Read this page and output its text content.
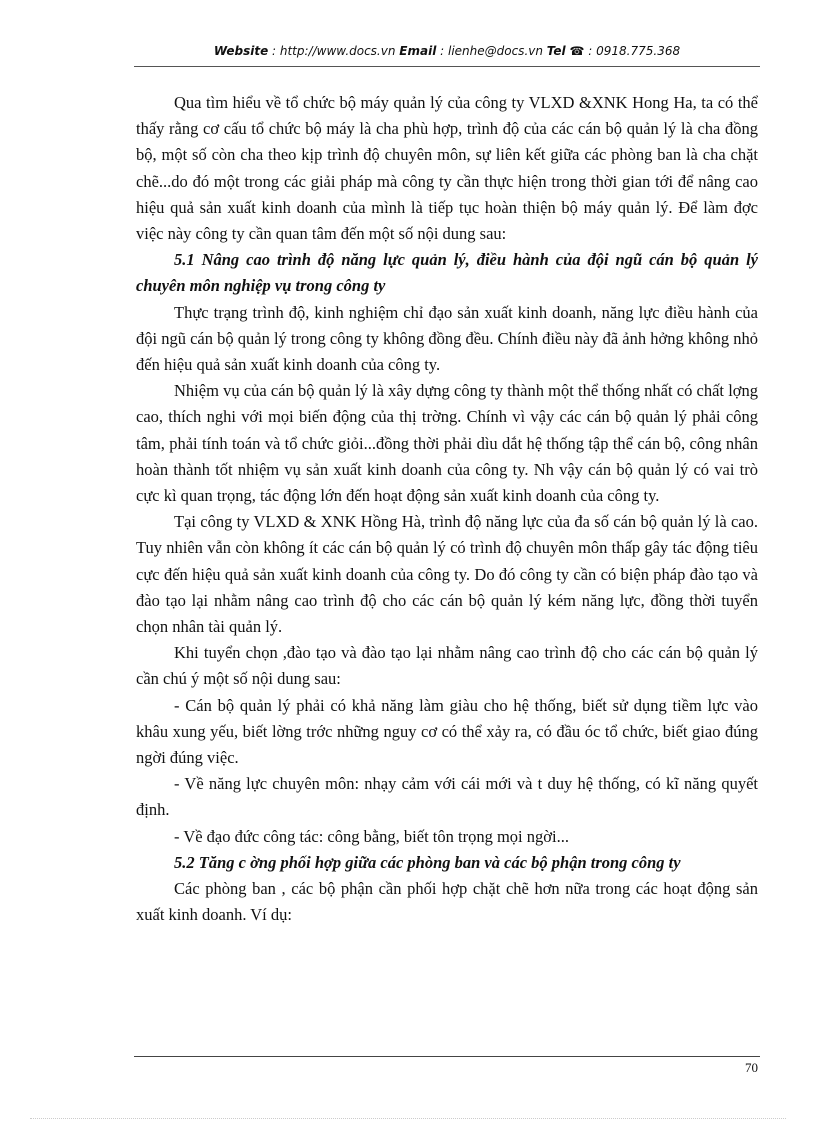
Website : http://www.docs.vn Email : lienhe@docs.vn Tel ☎ : 0918.775.368

Qua tìm hiểu về tổ chức bộ máy quản lý của công ty VLXD &XNK Hong Ha, ta có thể thấy rằng cơ cấu tổ chức bộ máy là cha phù hợp, trình độ của các cán bộ quản lý là cha đồng bộ, một số còn cha theo kịp trình độ chuyên môn, sự liên kết giữa các phòng ban là cha chặt chẽ...do đó một trong các giải pháp mà công ty cần thực hiện trong thời gian tới để nâng cao hiệu quả sản xuất kinh doanh của mình là tiếp tục hoàn thiện bộ máy quản lý. Để làm đợc việc này công ty cần quan tâm đến một số nội dung sau:

5.1 Nâng cao trình độ năng lực quản lý, điều hành của đội ngũ cán bộ quản lý chuyên môn nghiệp vụ trong công ty

Thực trạng trình độ, kinh nghiệm chỉ đạo sản xuất kinh doanh, năng lực điều hành của đội ngũ cán bộ quản lý trong công ty không đồng đều. Chính điều này đã ảnh hởng không nhỏ đến hiệu quả sản xuất kinh doanh của công ty.

Nhiệm vụ của cán bộ quản lý là xây dựng công ty thành một thể thống nhất có chất lợng cao, thích nghi với mọi biến động của thị trờng. Chính vì vậy các cán bộ quản lý phải công tâm, phải tính toán và tổ chức giỏi...đồng thời phải dìu dắt hệ thống tập thể cán bộ, công nhân hoàn thành tốt nhiệm vụ sản xuất kinh doanh của công ty. Nh vậy cán bộ quản lý có vai trò cực kì quan trọng, tác động lớn đến hoạt động sản xuất kinh doanh của công ty.

Tại công ty VLXD & XNK Hồng Hà, trình độ năng lực của đa số cán bộ quản lý là cao. Tuy nhiên vẫn còn không ít các cán bộ quản lý có trình độ chuyên môn thấp gây tác động tiêu cực đến hiệu quả sản xuất kinh doanh của công ty. Do đó công ty cần có biện pháp đào tạo và đào tạo lại nhằm nâng cao trình độ cho các cán bộ quản lý kém năng lực, đồng thời tuyển chọn nhân tài quản lý.

Khi tuyển chọn ,đào tạo và đào tạo lại nhằm nâng cao trình độ cho các cán bộ quản lý cần chú ý một số nội dung sau:

- Cán bộ quản lý phải có khả năng làm giàu cho hệ thống, biết sử dụng tiềm lực vào khâu xung yếu, biết lờng trớc những nguy cơ có thể xảy ra, có đầu óc tổ chức, biết giao đúng ngời đúng việc.

- Về năng lực chuyên môn: nhạy cảm với cái mới và t duy hệ thống, có kĩ năng quyết định.

- Về đạo đức công tác: công bằng, biết tôn trọng mọi ngời...

5.2 Tăng c ờng phối hợp giữa các phòng ban và các bộ phận trong công ty

Các phòng ban , các bộ phận cần phối hợp chặt chẽ hơn nữa trong các hoạt động sản xuất kinh doanh. Ví dụ:

70
